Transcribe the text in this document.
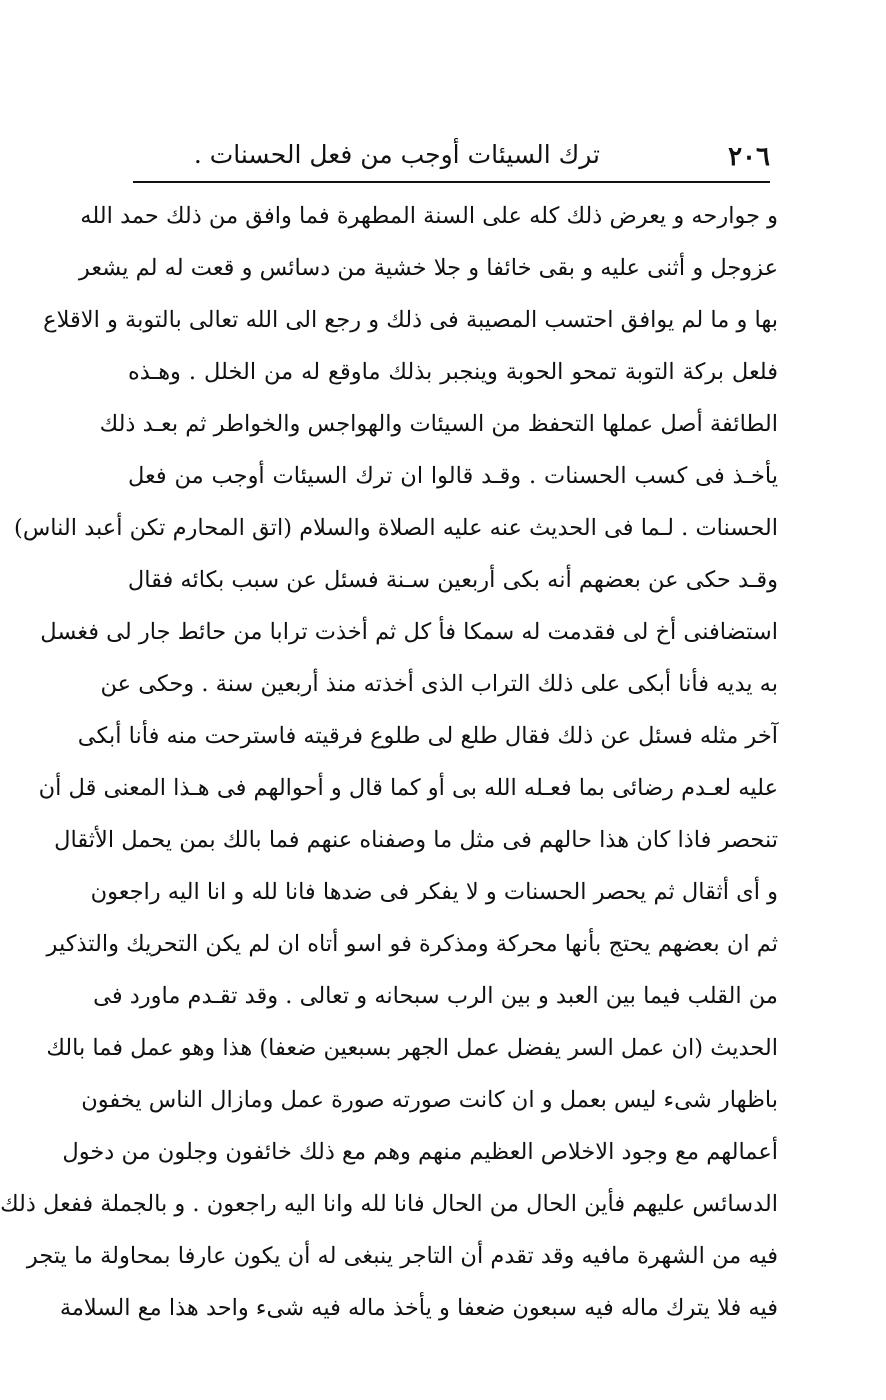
٢٠٦
ترك السيئات أوجب من فعل الحسنات .
و جوارحه و يعرض ذلك كله على السنة المطهرة فما وافق من ذلك حمد الله
عزوجل و أثنى عليه و بقى خائفا و جلا خشية من دسائس و قعت له لم يشعر
بها و ما لم يوافق احتسب المصيبة فى ذلك و رجع الى الله تعالى بالتوبة و الاقلاع
فلعل بركة التوبة تمحو الحوبة وينجبر بذلك ماوقع له من الخلل . وهـذه
الطائفة أصل عملها التحفظ من السيئات والهواجس والخواطر ثم بعـد ذلك
يأخـذ فى كسب الحسنات . وقـد قالوا ان ترك السيئات أوجب من فعل
الحسنات . لـما فى الحديث عنه عليه الصلاة والسلام (اتق المحارم تكن أعبد الناس)
وقـد حكى عن بعضهم أنه بكى أربعين سـنة فسئل عن سبب بكائه فقال
استضافنى أخ لى فقدمت له سمكا فأ كل ثم أخذت ترابا من حائط جار لى فغسل
به يديه فأنا أبكى على ذلك التراب الذى أخذته منذ أربعين سنة . وحكى عن
آخر مثله فسئل عن ذلك فقال طلع لى طلوع فرقيته فاسترحت منه فأنا أبكى
عليه لعـدم رضائى بما فعـله الله بى أو كما قال و أحوالهم فى هـذا المعنى قل أن
تنحصر فاذا كان هذا حالهم فى مثل ما وصفناه عنهم فما بالك بمن يحمل الأثقال
و أى أثقال ثم يحصر الحسنات و لا يفكر فى ضدها فانا لله و انا اليه راجعون
ثم ان بعضهم يحتج بأنها محركة ومذكرة فو اسو أتاه ان لم يكن التحريك والتذكير
من القلب فيما بين العبد و بين الرب سبحانه و تعالى . وقد تقـدم ماورد فى
الحديث (ان عمل السر يفضل عمل الجهر بسبعين ضعفا) هذا وهو عمل فما بالك
باظهار شىء ليس بعمل و ان كانت صورته صورة عمل ومازال الناس يخفون
أعمالهم مع وجود الاخلاص العظيم منهم وهم مع ذلك خائفون وجلون من دخول
الدسائس عليهم فأين الحال من الحال فانا لله وانا اليه راجعون . و بالجملة ففعل ذلك
فيه من الشهرة مافيه وقد تقدم أن التاجر ينبغى له أن يكون عارفا بمحاولة ما يتجر
فيه فلا يترك ماله فيه سبعون ضعفا و يأخذ ماله فيه شىء واحد هذا مع السلامة
